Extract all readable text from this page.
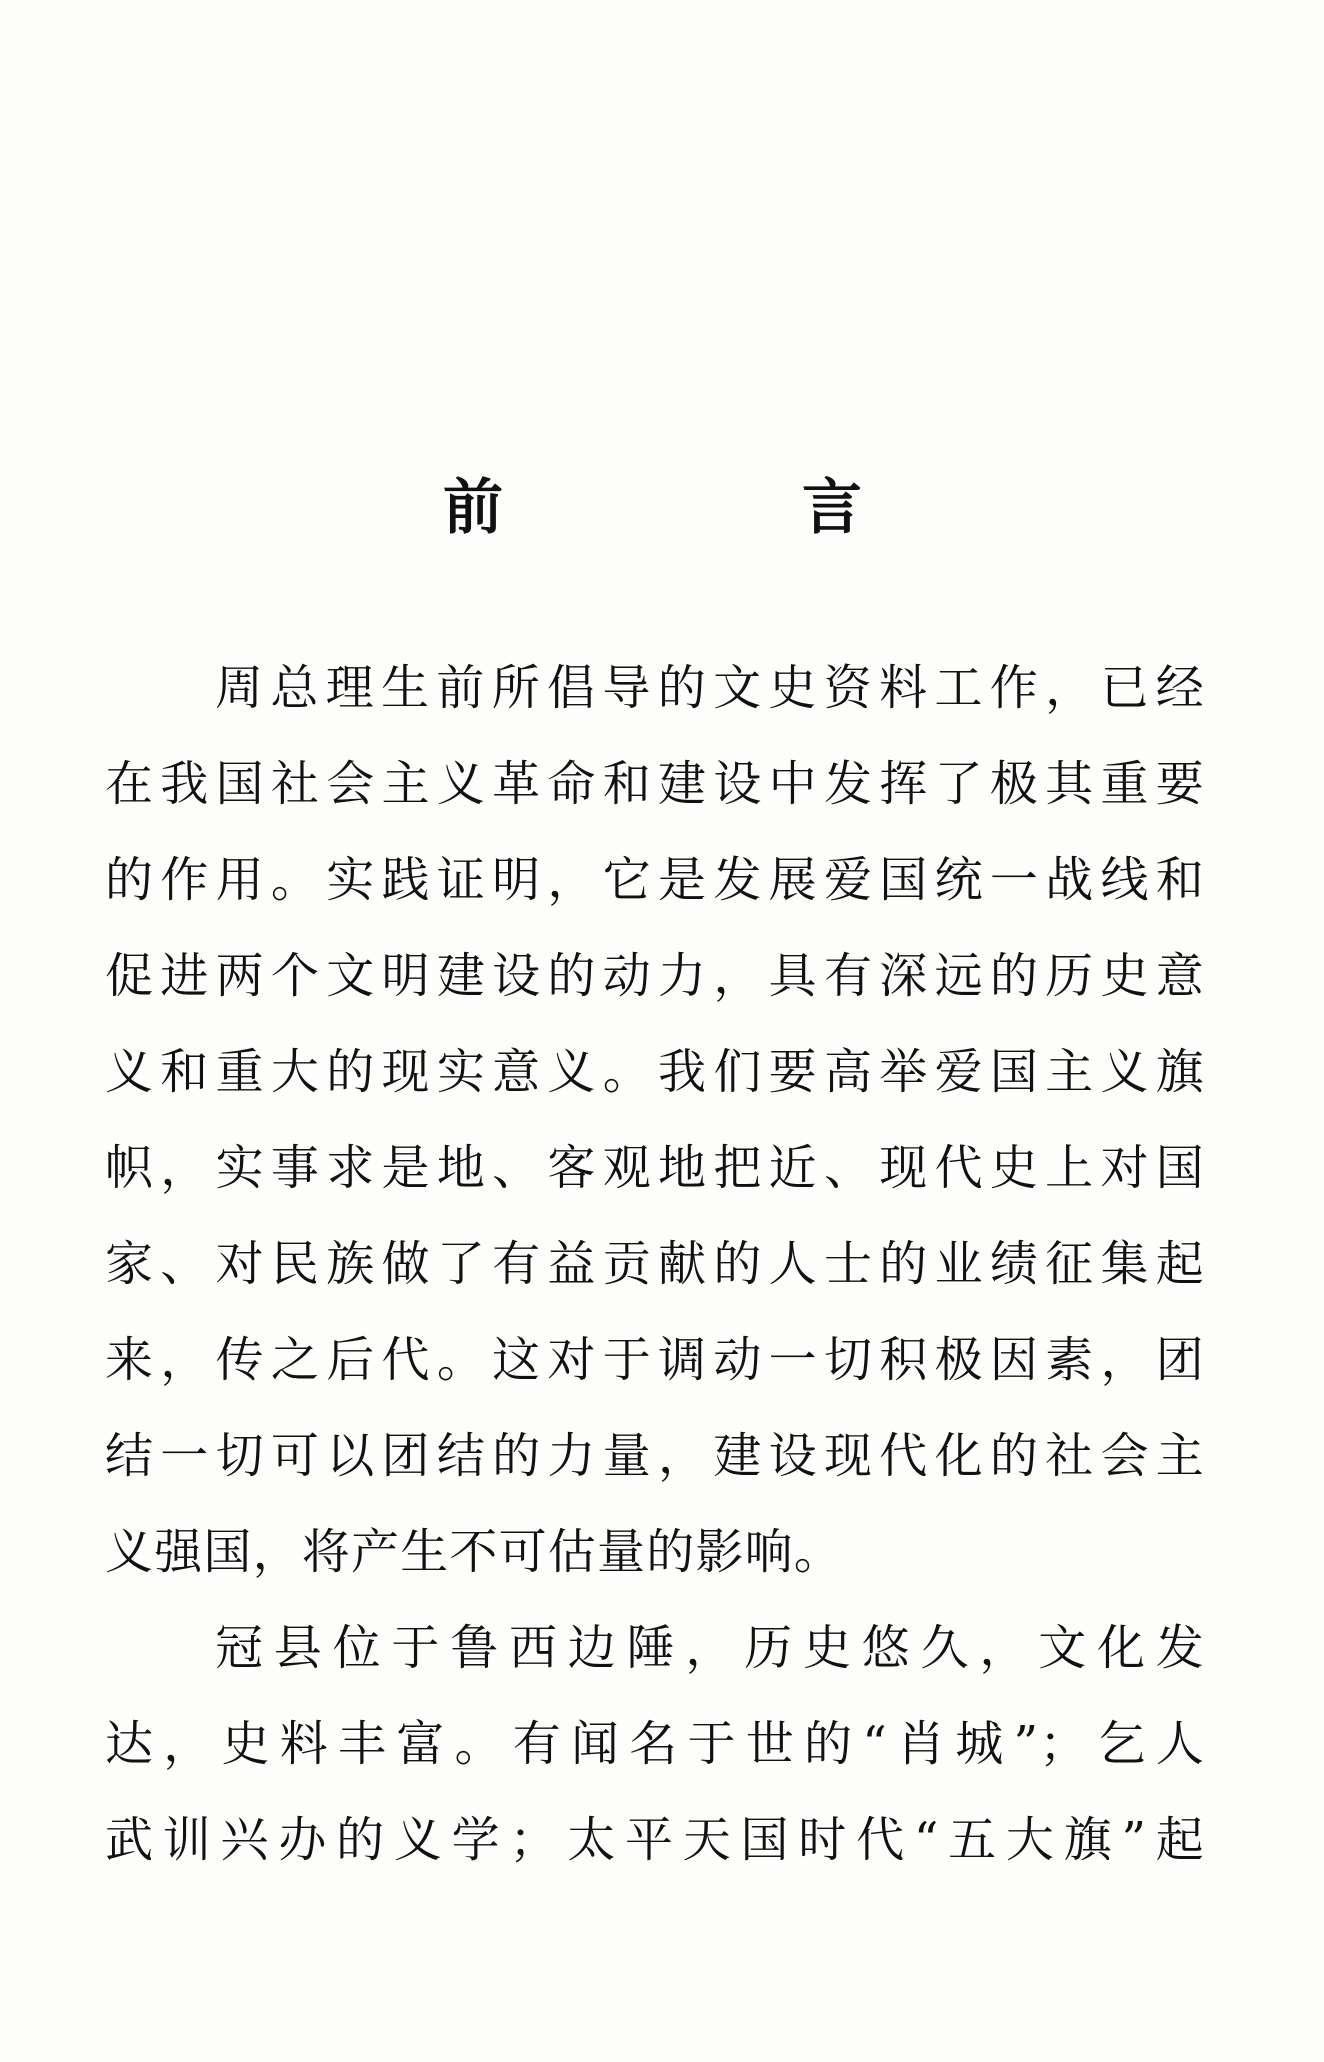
前	言
周总理生前所倡导的文史资料工作，已经
在我国社会主义革命和建设中发挥了极其重要
的作用。实践证明，它是发展爱国统一战线和
促进两个文明建设的动力，具有深远的历史意
义和重大的现实意义。我们要高举爱国主义旗
帜，实事求是地、客观地把近、现代史上对国
家、对民族做了有益贡献的人士的业绩征集起
来，传之后代。这对于调动一切积极因素，团
结一切可以团结的力量，建设现代化的社会主
义强国，将产生不可估量的影响。
冠县位于鲁西边陲，历史悠久，文化发
达，史料丰富。有闻名于世的“肖城”；乞人
武训兴办的义学；太平天国时代“五大旗”起
